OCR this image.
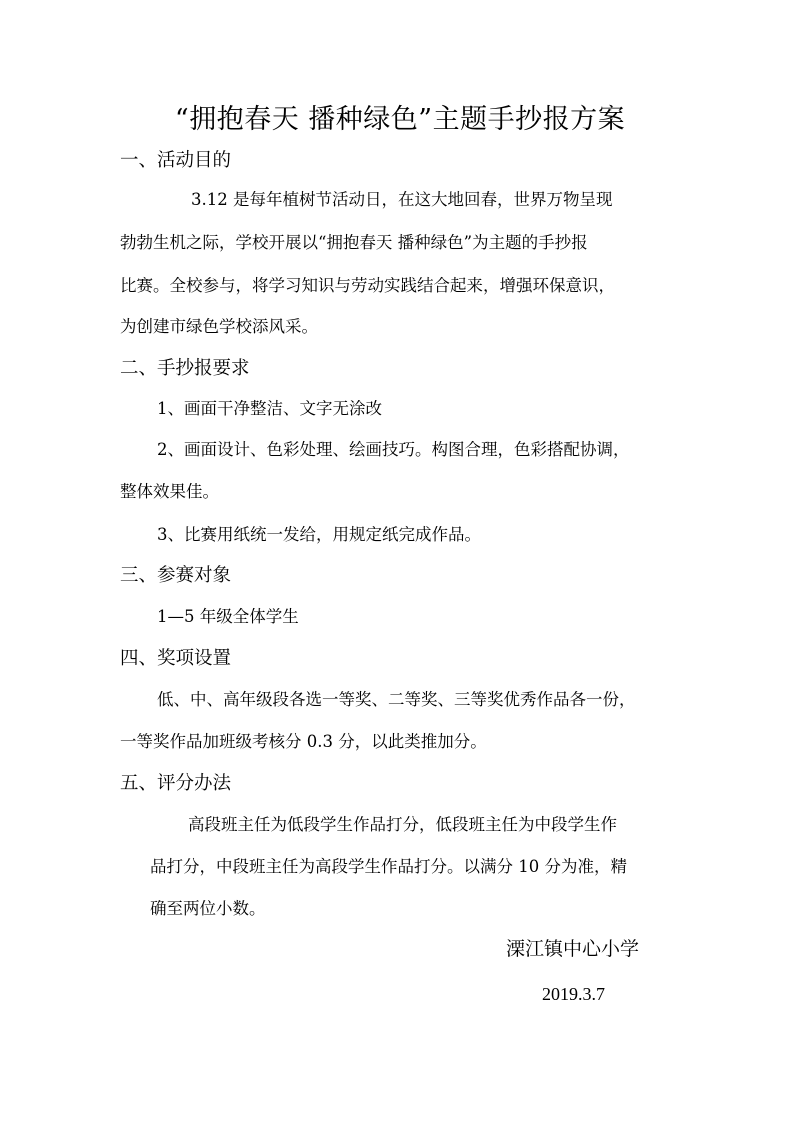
“拥抱春天 播种绿色”主题手抄报方案
一、活动目的
3.12 是每年植树节活动日，在这大地回春，世界万物呈现
勃勃生机之际，学校开展以“拥抱春天 播种绿色”为主题的手抄报
比赛。全校参与，将学习知识与劳动实践结合起来，增强环保意识，
为创建市绿色学校添风采。
二、手抄报要求
1、画面干净整洁、文字无涂改
2、画面设计、色彩处理、绘画技巧。构图合理，色彩搭配协调，
整体效果佳。
3、比赛用纸统一发给，用规定纸完成作品。
三、参赛对象
1—5 年级全体学生
四、奖项设置
低、中、高年级段各选一等奖、二等奖、三等奖优秀作品各一份，
一等奖作品加班级考核分 0.3 分，以此类推加分。
五、评分办法
高段班主任为低段学生作品打分，低段班主任为中段学生作
品打分，中段班主任为高段学生作品打分。以满分 10 分为准，精
确至两位小数。
溧江镇中心小学
2019.3.7
